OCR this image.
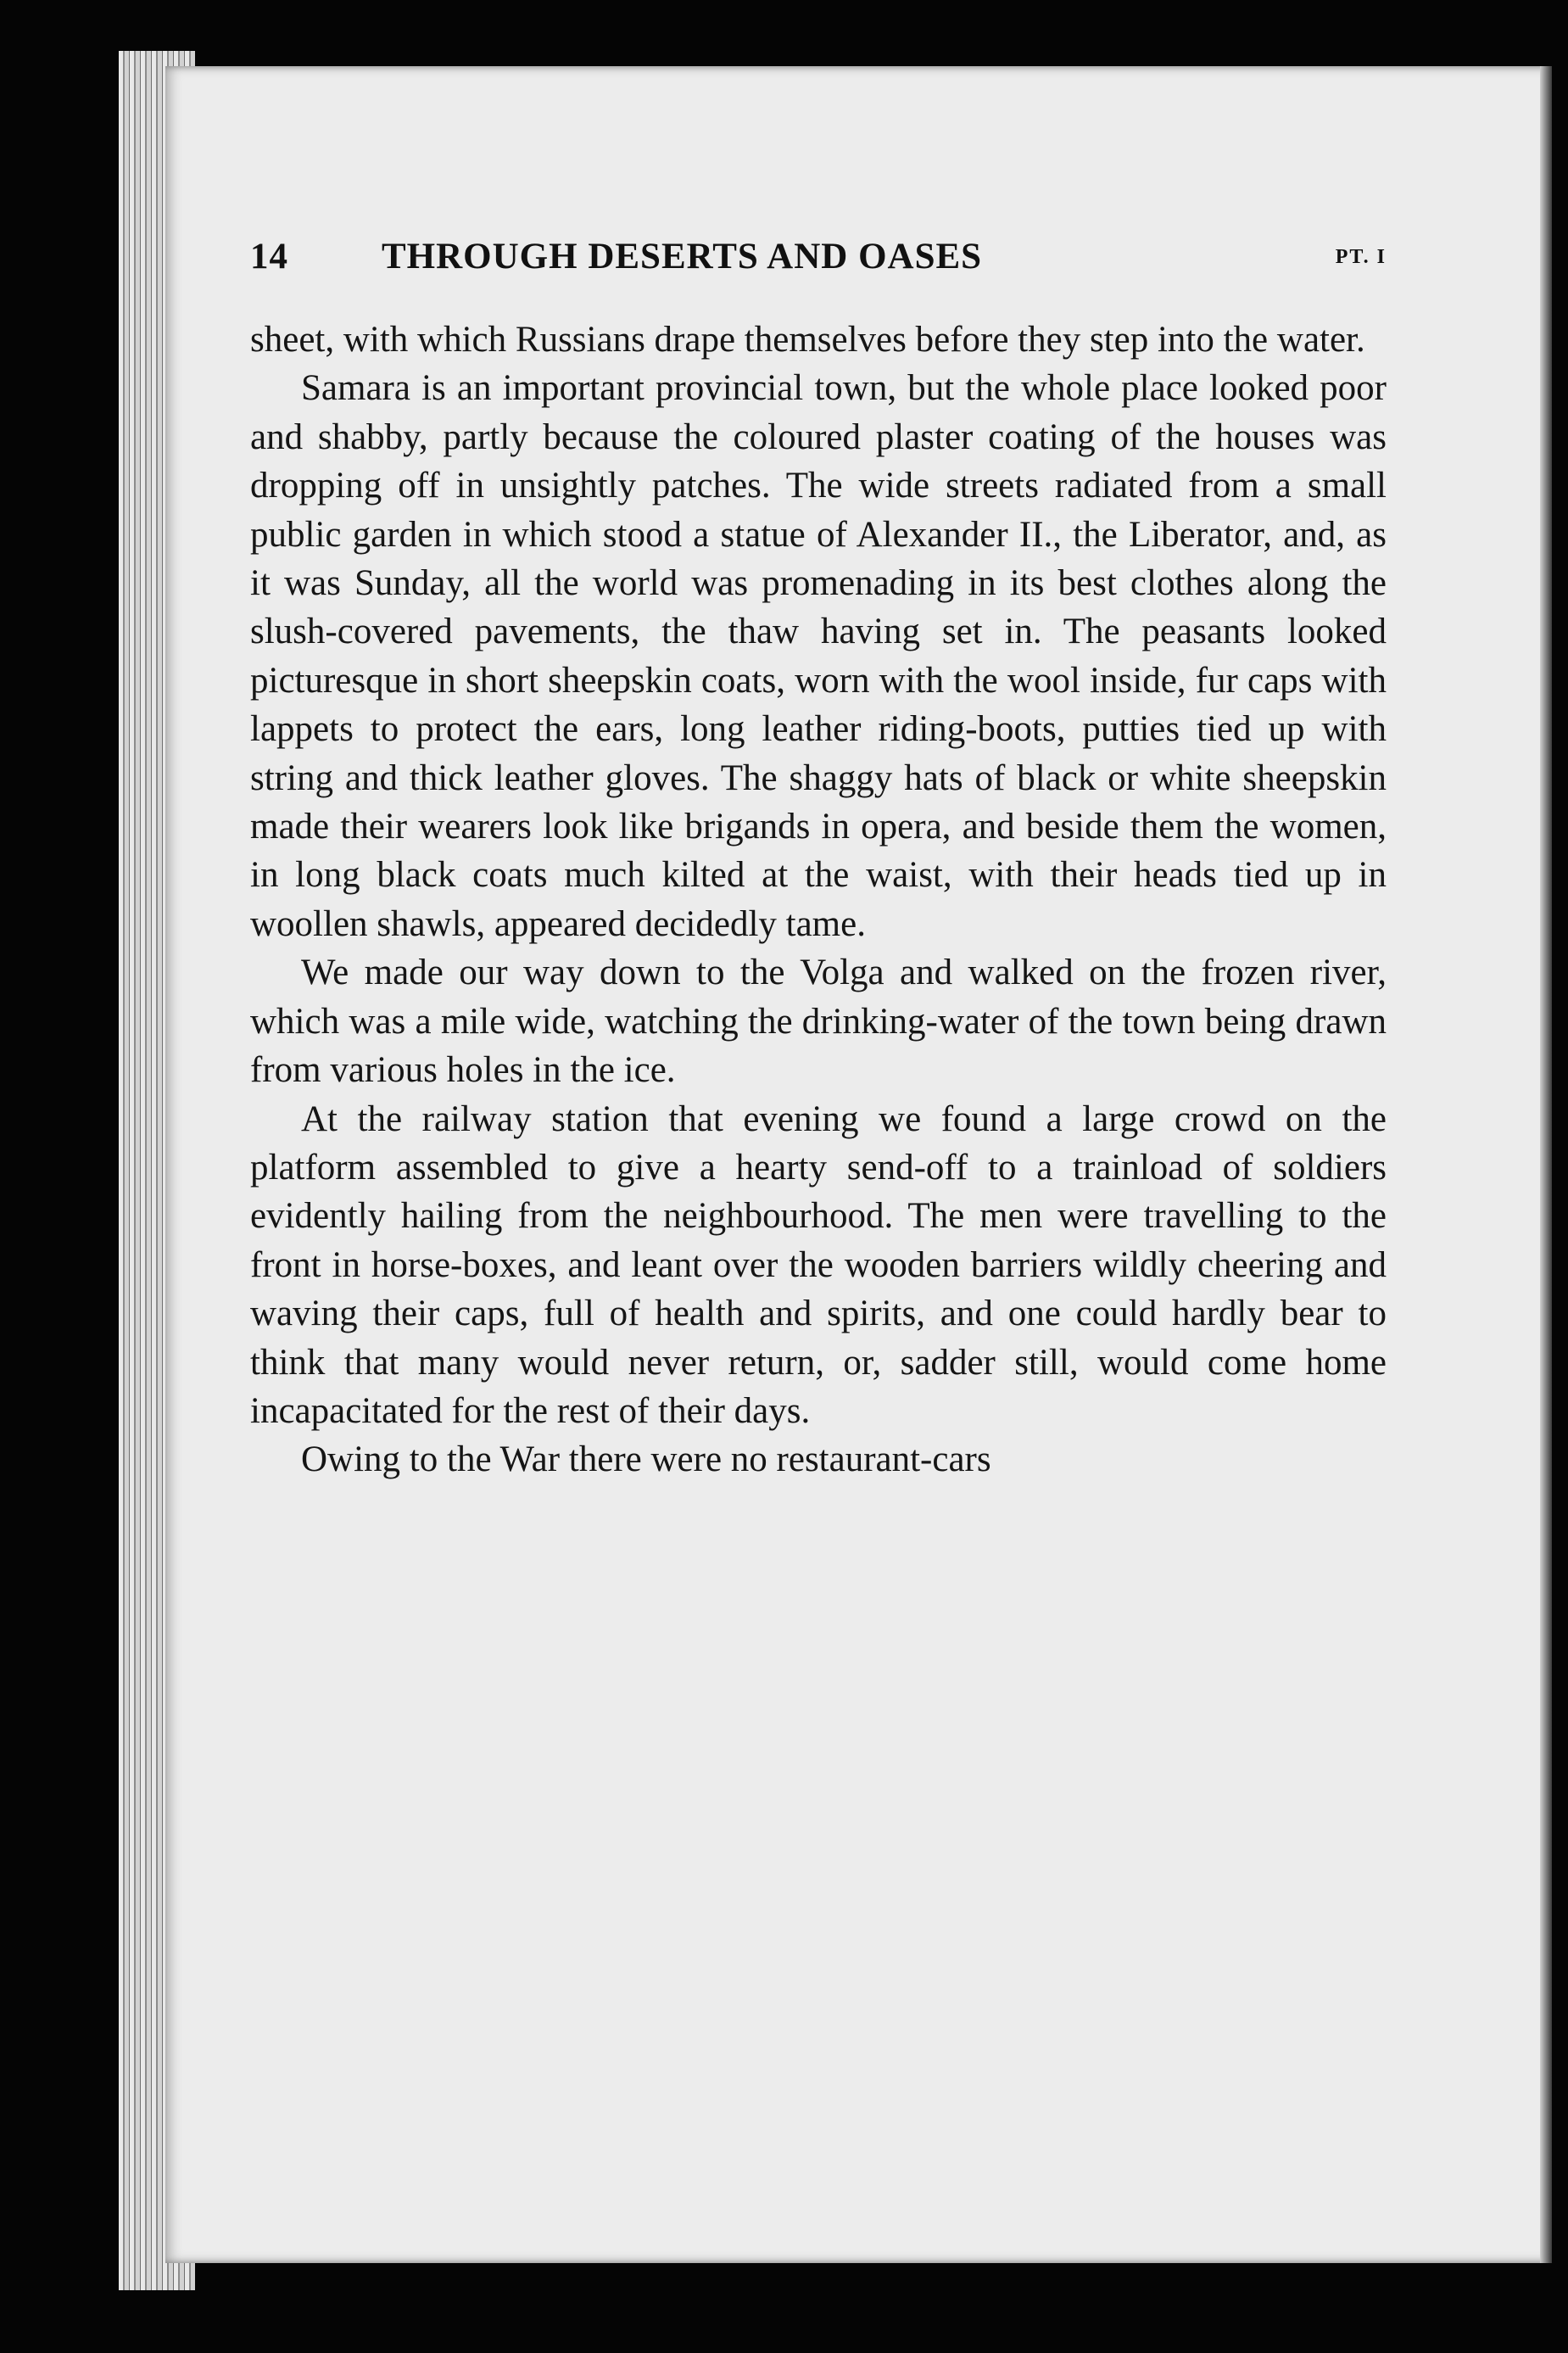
14	THROUGH DESERTS AND OASES	PT. I

sheet, with which Russians drape themselves before they step into the water.

Samara is an important provincial town, but the whole place looked poor and shabby, partly because the coloured plaster coating of the houses was dropping off in unsightly patches. The wide streets radiated from a small public garden in which stood a statue of Alexander II., the Liberator, and, as it was Sunday, all the world was promenading in its best clothes along the slush-covered pavements, the thaw having set in. The peasants looked picturesque in short sheepskin coats, worn with the wool inside, fur caps with lappets to protect the ears, long leather riding-boots, putties tied up with string and thick leather gloves. The shaggy hats of black or white sheepskin made their wearers look like brigands in opera, and beside them the women, in long black coats much kilted at the waist, with their heads tied up in woollen shawls, appeared decidedly tame.

We made our way down to the Volga and walked on the frozen river, which was a mile wide, watching the drinking-water of the town being drawn from various holes in the ice.

At the railway station that evening we found a large crowd on the platform assembled to give a hearty send-off to a trainload of soldiers evidently hailing from the neighbourhood. The men were travelling to the front in horse-boxes, and leant over the wooden barriers wildly cheering and waving their caps, full of health and spirits, and one could hardly bear to think that many would never return, or, sadder still, would come home incapacitated for the rest of their days.

Owing to the War there were no restaurant-cars
